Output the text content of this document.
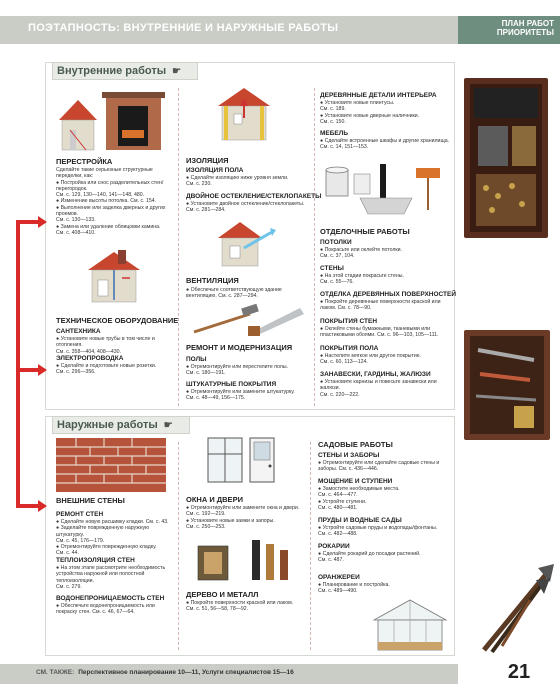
ПОЭТАПНОСТЬ: ВНУТРЕННИЕ И НАРУЖНЫЕ РАБОТЫ	ПЛАН РАБОТ
ПРИОРИТЕТЫ
Внутренние работы ☛
ПЕРЕСТРОЙКА
Сделайте такие серьезные структурные переделки, как:
● Постройка или снос разделительных стен/перегородок.
См. с. 129, 130—140, 141—148, 480.
● Изменение высоты потолка. См. с. 154.
● Выполнение или заделка дверных и других проемов.
См. с. 130—133.
● Замена или удаление облицовки камина.
См. с. 408—410.
ТЕХНИЧЕСКОЕ ОБОРУДОВАНИЕ
САНТЕХНИКА
● Установите новые трубы в том числе и отопления.
См. с. 358—404, 408—430.
ЭЛЕКТРОПРОВОДКА
● Сделайте и подготовьте новые розетки.
См. с. 296—356.
ИЗОЛЯЦИЯ
ИЗОЛЯЦИЯ ПОЛА
● Сделайте изоляцию ниже уровня земли.
См. с. 230.
ДВОЙНОЕ ОСТЕКЛЕНИЕ/СТЕКЛОПАКЕТЫ
● Установите двойное остекление/стеклопакеты.
См. с. 281—284.
ВЕНТИЛЯЦИЯ
● Обеспечьте соответствующую здание
вентиляцию. См. с. 287—294.
РЕМОНТ И МОДЕРНИЗАЦИЯ
ПОЛЫ
● Отремонтируйте или перестелите полы.
См. с. 180—191.
ШТУКАТУРНЫЕ ПОКРЫТИЯ
● Отремонтируйте или замените штукатурку.
См. с. 48—49, 156—175.
ДЕРЕВЯННЫЕ ДЕТАЛИ ИНТЕРЬЕРА
● Установите новые плинтусы.
См. с. 189.
● Установите новые дверные наличники.
См. с. 150.
МЕБЕЛЬ
● Сделайте встроенные шкафы и другие хранилища. См. с. 14, 151—153.
ОТДЕЛОЧНЫЕ РАБОТЫ
ПОТОЛКИ
● Покрасьте или оклейте потолки.
См. с. 37, 104.
СТЕНЫ
● На этой стадии покрасьте стены.
См. с. 55—76.
ОТДЕЛКА ДЕРЕВЯННЫХ ПОВЕРХНОСТЕЙ
● Покройте деревянные поверхности краской или лаком. См. с. 78—90.
ПОКРЫТИЯ СТЕН
● Оклейте стены бумажными, тканевыми или пластиковыми обоями. См. с. 96—103, 105—111.
ПОКРЫТИЯ ПОЛА
● Настелите мягкое или другое покрытие.
См. с. 60, 113—124.
ЗАНАВЕСКИ, ГАРДИНЫ, ЖАЛЮЗИ
● Установите карнизы и повесьте занавески или жалюзи.
См. с. 220—222.
Наружные работы ☛
ВНЕШНИЕ СТЕНЫ
РЕМОНТ СТЕН
● Сделайте новую расшивку кладки. См. с. 43.
● Заделайте поврежденную наружную штукатурку.
См. с. 45, 176—179.
● Отремонтируйте поврежденную кладку.
См. с. 44.
ТЕПЛОИЗОЛЯЦИЯ СТЕН
● На этом этапе рассмотрите необходимость устройства наружной или полостной теплоизоляции.
См. с. 279.
ВОДОНЕПРОНИЦАЕМОСТЬ СТЕН
● Обеспечьте водонепроницаемость или покраску стен. См. с. 46, 67—64.
ОКНА И ДВЕРИ
● Отремонтируйте или замените окна и двери.
См. с. 192—219.
● Установите новые замки и запоры.
См. с. 250—253.
ДЕРЕВО И МЕТАЛЛ
● Покройте поверхности краской или лаком.
См. с. 51, 56—58, 78—92.
САДОВЫЕ РАБОТЫ
СТЕНЫ И ЗАБОРЫ
● Отремонтируйте или сделайте садовые стены и заборы. См. с. 436—446.
МОЩЕНИЕ И СТУПЕНИ
● Замостите необходимые места.
См. с. 464—477.
● Устройте ступени.
См. с. 480—481.
ПРУДЫ И ВОДНЫЕ САДЫ
● Устройте садовые пруды и водопады/фонтаны.
См. с. 482—488.
РОКАРИИ
● Сделайте рокарий до посадки растений.
См. с. 487.
ОРАНЖЕРЕИ
● Планирование и постройка.
См. с. 489—490.
СМ. ТАКЖЕ: Перспективное планирование 10—11, Услуги специалистов 15—16	21
